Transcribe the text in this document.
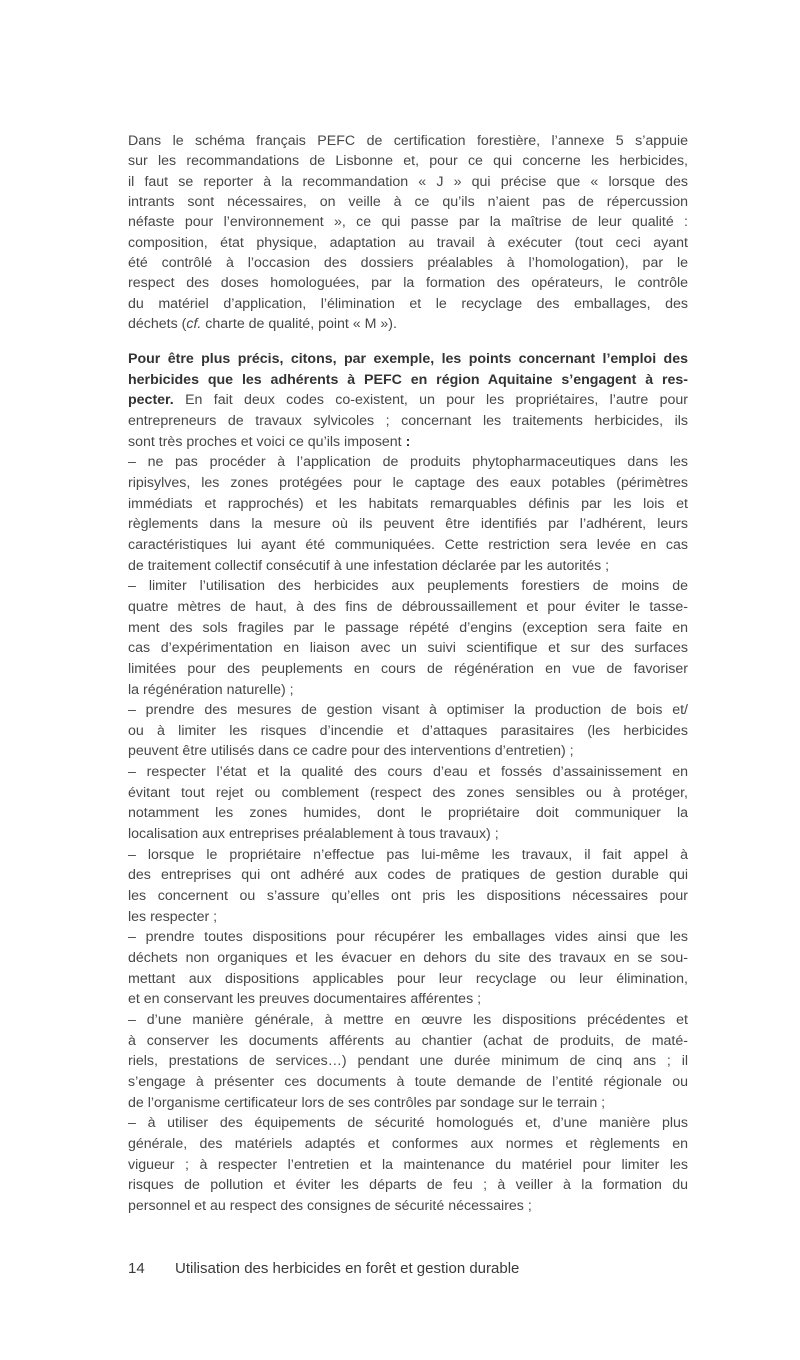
Dans le schéma français PEFC de certification forestière, l’annexe 5 s’appuie
sur les recommandations de Lisbonne et, pour ce qui concerne les herbicides,
il faut se reporter à la recommandation « J » qui précise que « lorsque des
intrants sont nécessaires, on veille à ce qu’ils n’aient pas de répercussion
néfaste pour l’environnement », ce qui passe par la maîtrise de leur qualité :
composition, état physique, adaptation au travail à exécuter (tout ceci ayant
été contrôlé à l’occasion des dossiers préalables à l’homologation), par le
respect des doses homologuées, par la formation des opérateurs, le contrôle
du matériel d’application, l’élimination et le recyclage des emballages, des
déchets (cf. charte de qualité, point « M »).
Pour être plus précis, citons, par exemple, les points concernant l’emploi des
herbicides que les adhérents à PEFC en région Aquitaine s’engagent à res-
pecter. En fait deux codes co-existent, un pour les propriétaires, l’autre pour
entrepreneurs de travaux sylvicoles ; concernant les traitements herbicides, ils
sont très proches et voici ce qu’ils imposent :
– ne pas procéder à l’application de produits phytopharmaceutiques dans les
ripisylves, les zones protégées pour le captage des eaux potables (périmètres
immédiats et rapprochés) et les habitats remarquables définis par les lois et
règlements dans la mesure où ils peuvent être identifiés par l’adhérent, leurs
caractéristiques lui ayant été communiquées. Cette restriction sera levée en cas
de traitement collectif consécutif à une infestation déclarée par les autorités ;
– limiter l’utilisation des herbicides aux peuplements forestiers de moins de
quatre mètres de haut, à des fins de débroussaillement et pour éviter le tasse-
ment des sols fragiles par le passage répété d’engins (exception sera faite en
cas d’expérimentation en liaison avec un suivi scientifique et sur des surfaces
limitées pour des peuplements en cours de régénération en vue de favoriser
la régénération naturelle) ;
– prendre des mesures de gestion visant à optimiser la production de bois et/
ou à limiter les risques d’incendie et d’attaques parasitaires (les herbicides
peuvent être utilisés dans ce cadre pour des interventions d’entretien) ;
– respecter l’état et la qualité des cours d’eau et fossés d’assainissement en
évitant tout rejet ou comblement (respect des zones sensibles ou à protéger,
notamment les zones humides, dont le propriétaire doit communiquer la
localisation aux entreprises préalablement à tous travaux) ;
– lorsque le propriétaire n’effectue pas lui-même les travaux, il fait appel à
des entreprises qui ont adhéré aux codes de pratiques de gestion durable qui
les concernent ou s’assure qu’elles ont pris les dispositions nécessaires pour
les respecter ;
– prendre toutes dispositions pour récupérer les emballages vides ainsi que les
déchets non organiques et les évacuer en dehors du site des travaux en se sou-
mettant aux dispositions applicables pour leur recyclage ou leur élimination,
et en conservant les preuves documentaires afférentes ;
– d’une manière générale, à mettre en œuvre les dispositions précédentes et
à conserver les documents afférents au chantier (achat de produits, de maté-
riels, prestations de services…) pendant une durée minimum de cinq ans ; il
s’engage à présenter ces documents à toute demande de l’entité régionale ou
de l’organisme certificateur lors de ses contrôles par sondage sur le terrain ;
– à utiliser des équipements de sécurité homologués et, d’une manière plus
générale, des matériels adaptés et conformes aux normes et règlements en
vigueur ; à respecter l’entretien et la maintenance du matériel pour limiter les
risques de pollution et éviter les départs de feu ; à veiller à la formation du
personnel et au respect des consignes de sécurité nécessaires ;
14 Utilisation des herbicides en forêt et gestion durable
